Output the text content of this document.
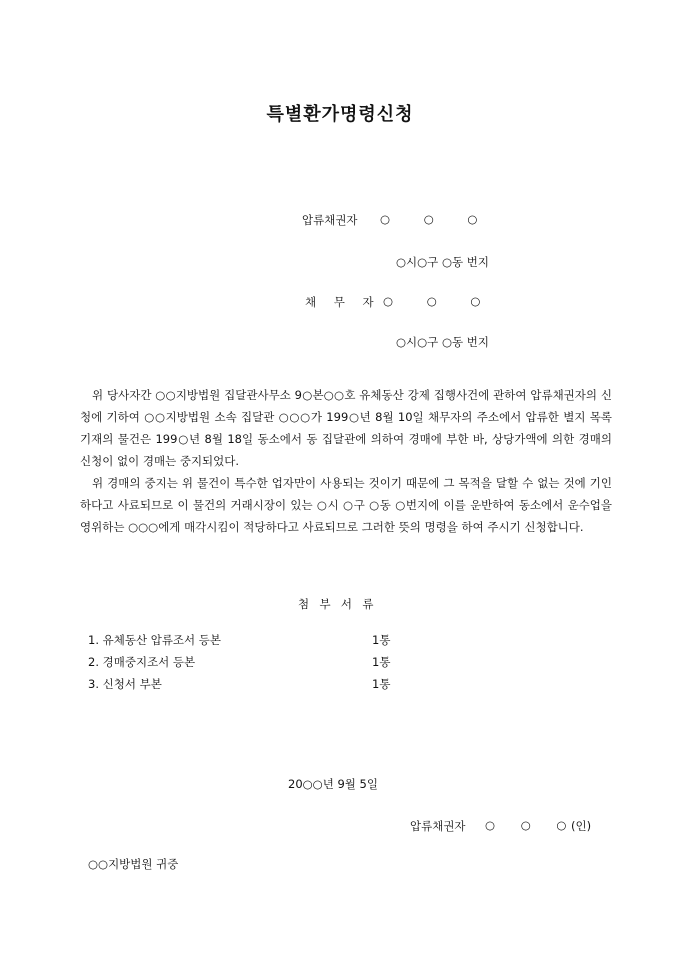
특별환가명령신청
압류채권자 ○ ○ ○
○시○구 ○동 번지
채 무 자 ○ ○ ○
○시○구 ○동 번지

위 당사자간 ○○지방법원 집달관사무소 9○본○○호 유체동산 강제 집행사건에 관하여 압류채권자의 신청에 기하여 ○○지방법원 소속 집달관 ○○○가 199○년 8월 10일 채무자의 주소에서 압류한 별지 목록 기재의 물건은 199○년 8월 18일 동소에서 동 집달관에 의하여 경매에 부한 바, 상당가액에 의한 경매의 신청이 없이 경매는 중지되었다.

위 경매의 중지는 위 물건이 특수한 업자만이 사용되는 것이기 때문에 그 목적을 달할 수 없는 것에 기인하다고 사료되므로 이 물건의 거래시장이 있는 ○시 ○구 ○동 ○번지에 이를 운반하여 동소에서 운수업을 영위하는 ○○○에게 매각시킴이 적당하다고 사료되므로 그러한 뜻의 명령을 하여 주시기 신청합니다.

첨부서류
1. 유체동산 압류조서 등본	1통
2. 경매중지조서 등본	1통
3. 신청서 부본	1통
20○○년 9월 5일
압류채권자 ○ ○ ○ (인)
○○지방법원 귀중
